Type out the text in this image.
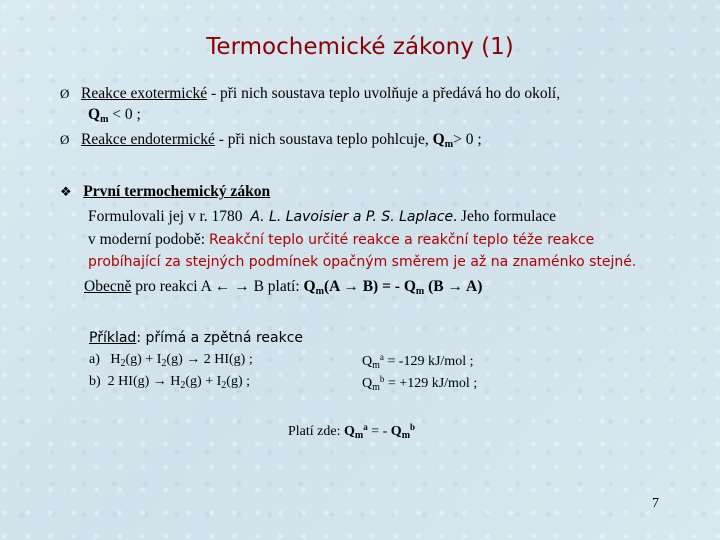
Termochemické zákony (1)
Ø Reakce exotermické - při nich soustava teplo uvolňuje a předává ho do okolí,
$Q_m < 0$ ;
Ø Reakce endotermické - při nich soustava teplo pohlcuje, $Q_m> 0$ ;
❖ První termochemický zákon
Formulovali jej v r. 1780 A. L. Lavoisier a P. S. Laplace. Jeho formulace
v moderní podobě: Reakční teplo určité reakce a reakční teplo téže reakce
probíhající za stejných podmínek opačným směrem je až na znaménko stejné.
Obecně pro reakci A ← → B platí: $Q_m(A \to B)$ = - $Q_m$ (B → A)
Příklad: přímá a zpětná reakce
a) $H_2(g) + I_2(g) \to 2$ HI(g) ;
b) 2 $HI(g) \to H_2(g) + I_2(g)$ ;
$Q_m^a = -129$ kJ/mol ;
$Q_m^b = +129$ kJ/mol ;
Platí zde: $Q_m^a$ = - $Q_m^b$
7
